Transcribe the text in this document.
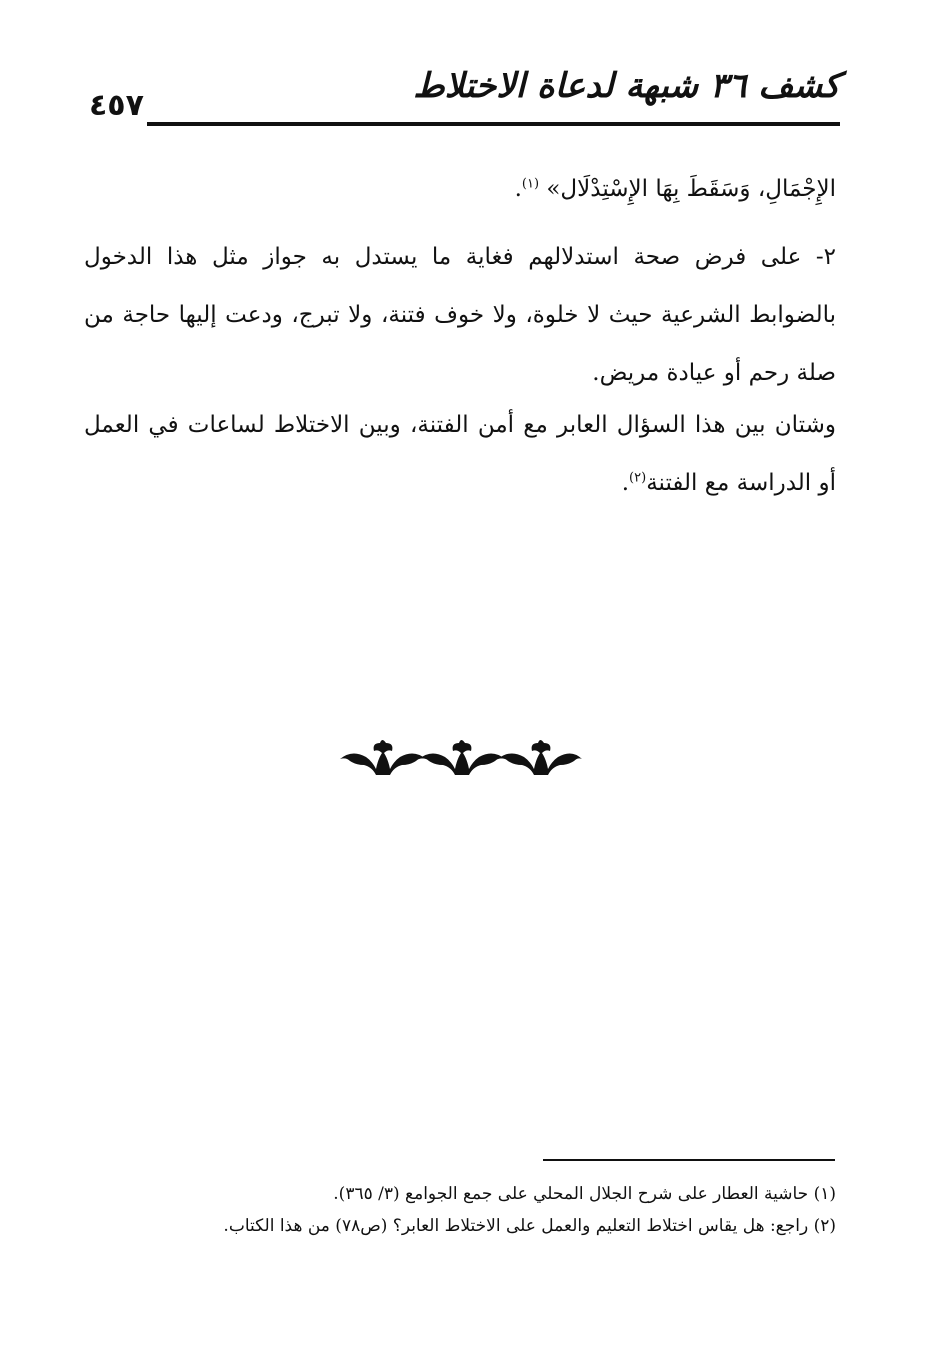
كشف ٣٦ شبهة لدعاة الاختلاط
٤٥٧

الإِجْمَالِ، وَسَقَطَ بِهَا الإِسْتِدْلَال» $^{(١)}$.

٢- على فرض صحة استدلالهم فغاية ما يستدل به جواز مثل هذا الدخول بالضوابط الشرعية حيث لا خلوة، ولا خوف فتنة، ولا تبرج، ودعت إليها حاجة من صلة رحم أو عيادة مريض.

وشتان بين هذا السؤال العابر مع أمن الفتنة، وبين الاختلاط لساعات في العمل أو الدراسة مع الفتنة$^{(٢)}$.

(١) حاشية العطار على شرح الجلال المحلي على جمع الجوامع (٣/ ٣٦٥).
(٢) راجع: هل يقاس اختلاط التعليم والعمل على الاختلاط العابر؟ (ص٧٨) من هذا الكتاب.
